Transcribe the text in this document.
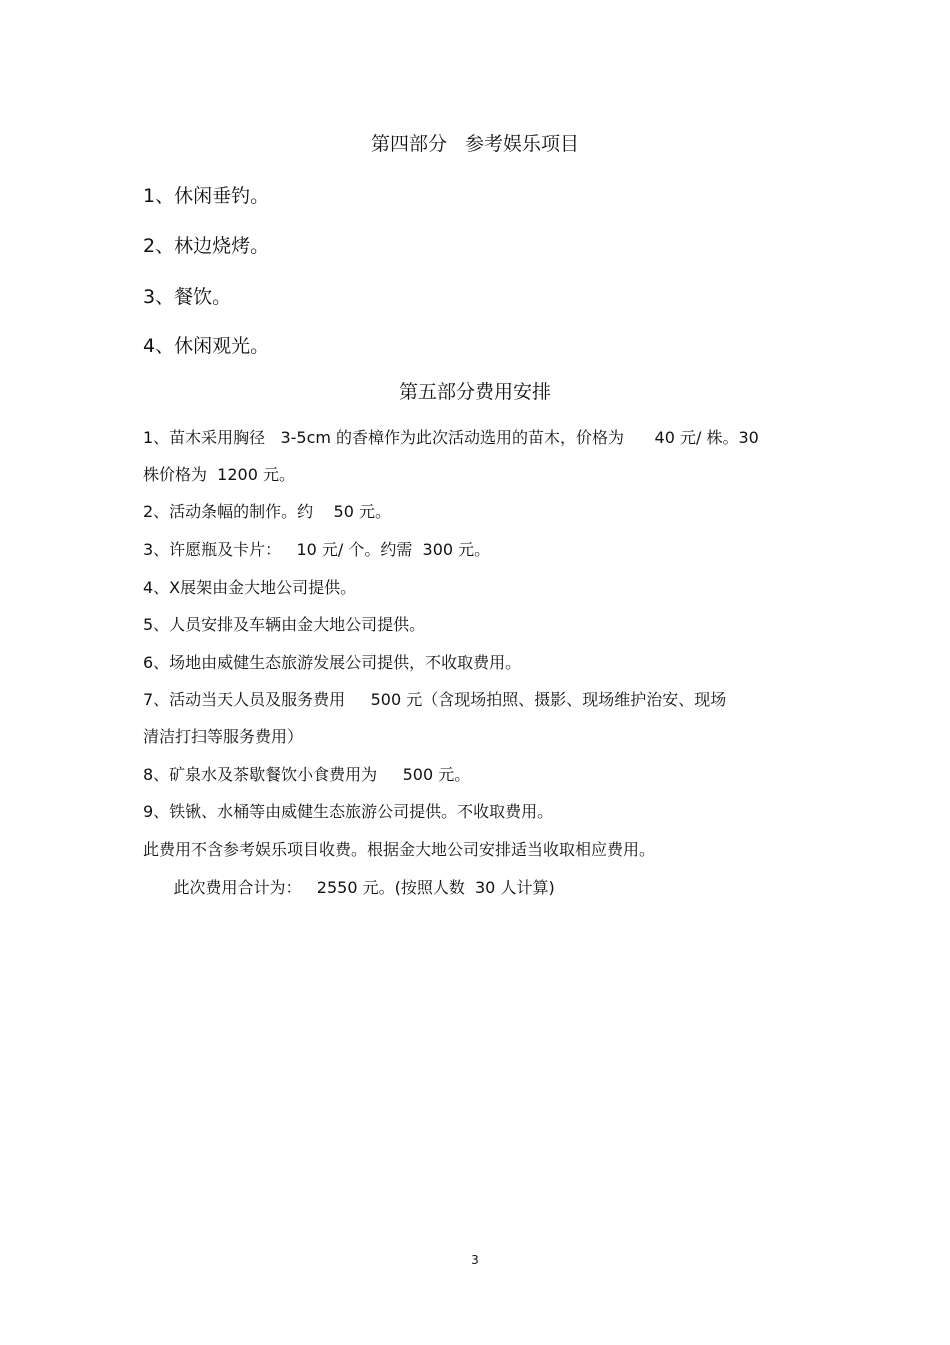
第四部分   参考娱乐项目
1、休闲垂钓。
2、林边烧烤。
3、餐饮。
4、休闲观光。
第五部分费用安排
1、苗木采用胸径   3-5cm 的香樟作为此次活动选用的苗木，价格为      40 元/ 株。30
株价格为  1200 元。
2、活动条幅的制作。约    50 元。
3、许愿瓶及卡片：   10 元/ 个。约需  300 元。
4、X展架由金大地公司提供。
5、人员安排及车辆由金大地公司提供。
6、场地由威健生态旅游发展公司提供，不收取费用。
7、活动当天人员及服务费用     500 元（含现场拍照、摄影、现场维护治安、现场
清洁打扫等服务费用）
8、矿泉水及茶歇餐饮小食费用为     500 元。
9、铁锹、水桶等由威健生态旅游公司提供。不收取费用。
此费用不含参考娱乐项目收费。根据金大地公司安排适当收取相应费用。
此次费用合计为：   2550 元。(按照人数  30 人计算)
3
